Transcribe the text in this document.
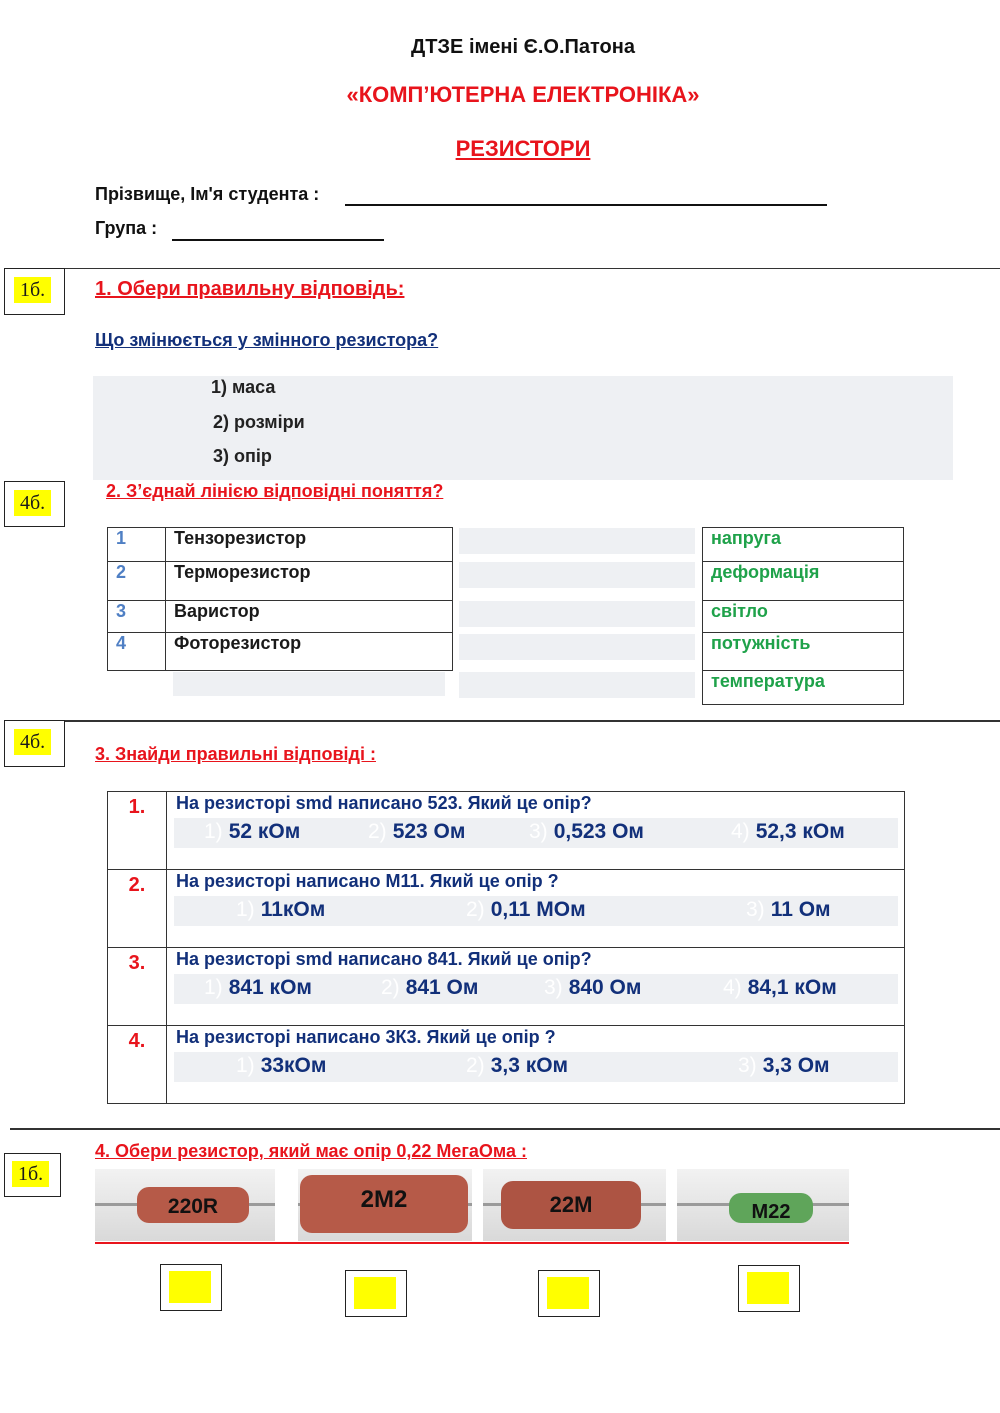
ДТЗЕ імені Є.О.Патона
«КОМП’ЮТЕРНА ЕЛЕКТРОНІКА»
РЕЗИСТОРИ
Прізвище, Ім'я студента :
Група :
1б.	1. Обери правильну відповідь:
Що змінюється у змінного резистора?
1) маса
2) розміри
3) опір
4б.
2. З’єднай лінією відповідні поняття?
1	Тензорезистор
2	Терморезистор
3	Варистор
4	Фоторезистор
напруга
деформація
світло
потужність
температура
4б.
3. Знайди правильні відповіді :
1.	На резисторі smd написано 523. Який це опір?
1) 52 кОм	2) 523 Ом	3) 0,523 Ом	4) 52,3 кОм
2.	На резисторі написано М11. Який це опір ?
1) 11кОм	2) 0,11 МОм	3) 11 Ом
3.	На резисторі smd написано 841. Який це опір?
1) 841 кОм	2) 841 Ом	3) 840 Ом	4) 84,1 кОм
4.	На резисторі написано 3К3. Який це опір ?
1) 33кОм	2) 3,3 кОм	3) 3,3 Ом
1б.
4. Обери резистор, який має опір 0,22 МегаОма :
220R	2M2	22M	M22
